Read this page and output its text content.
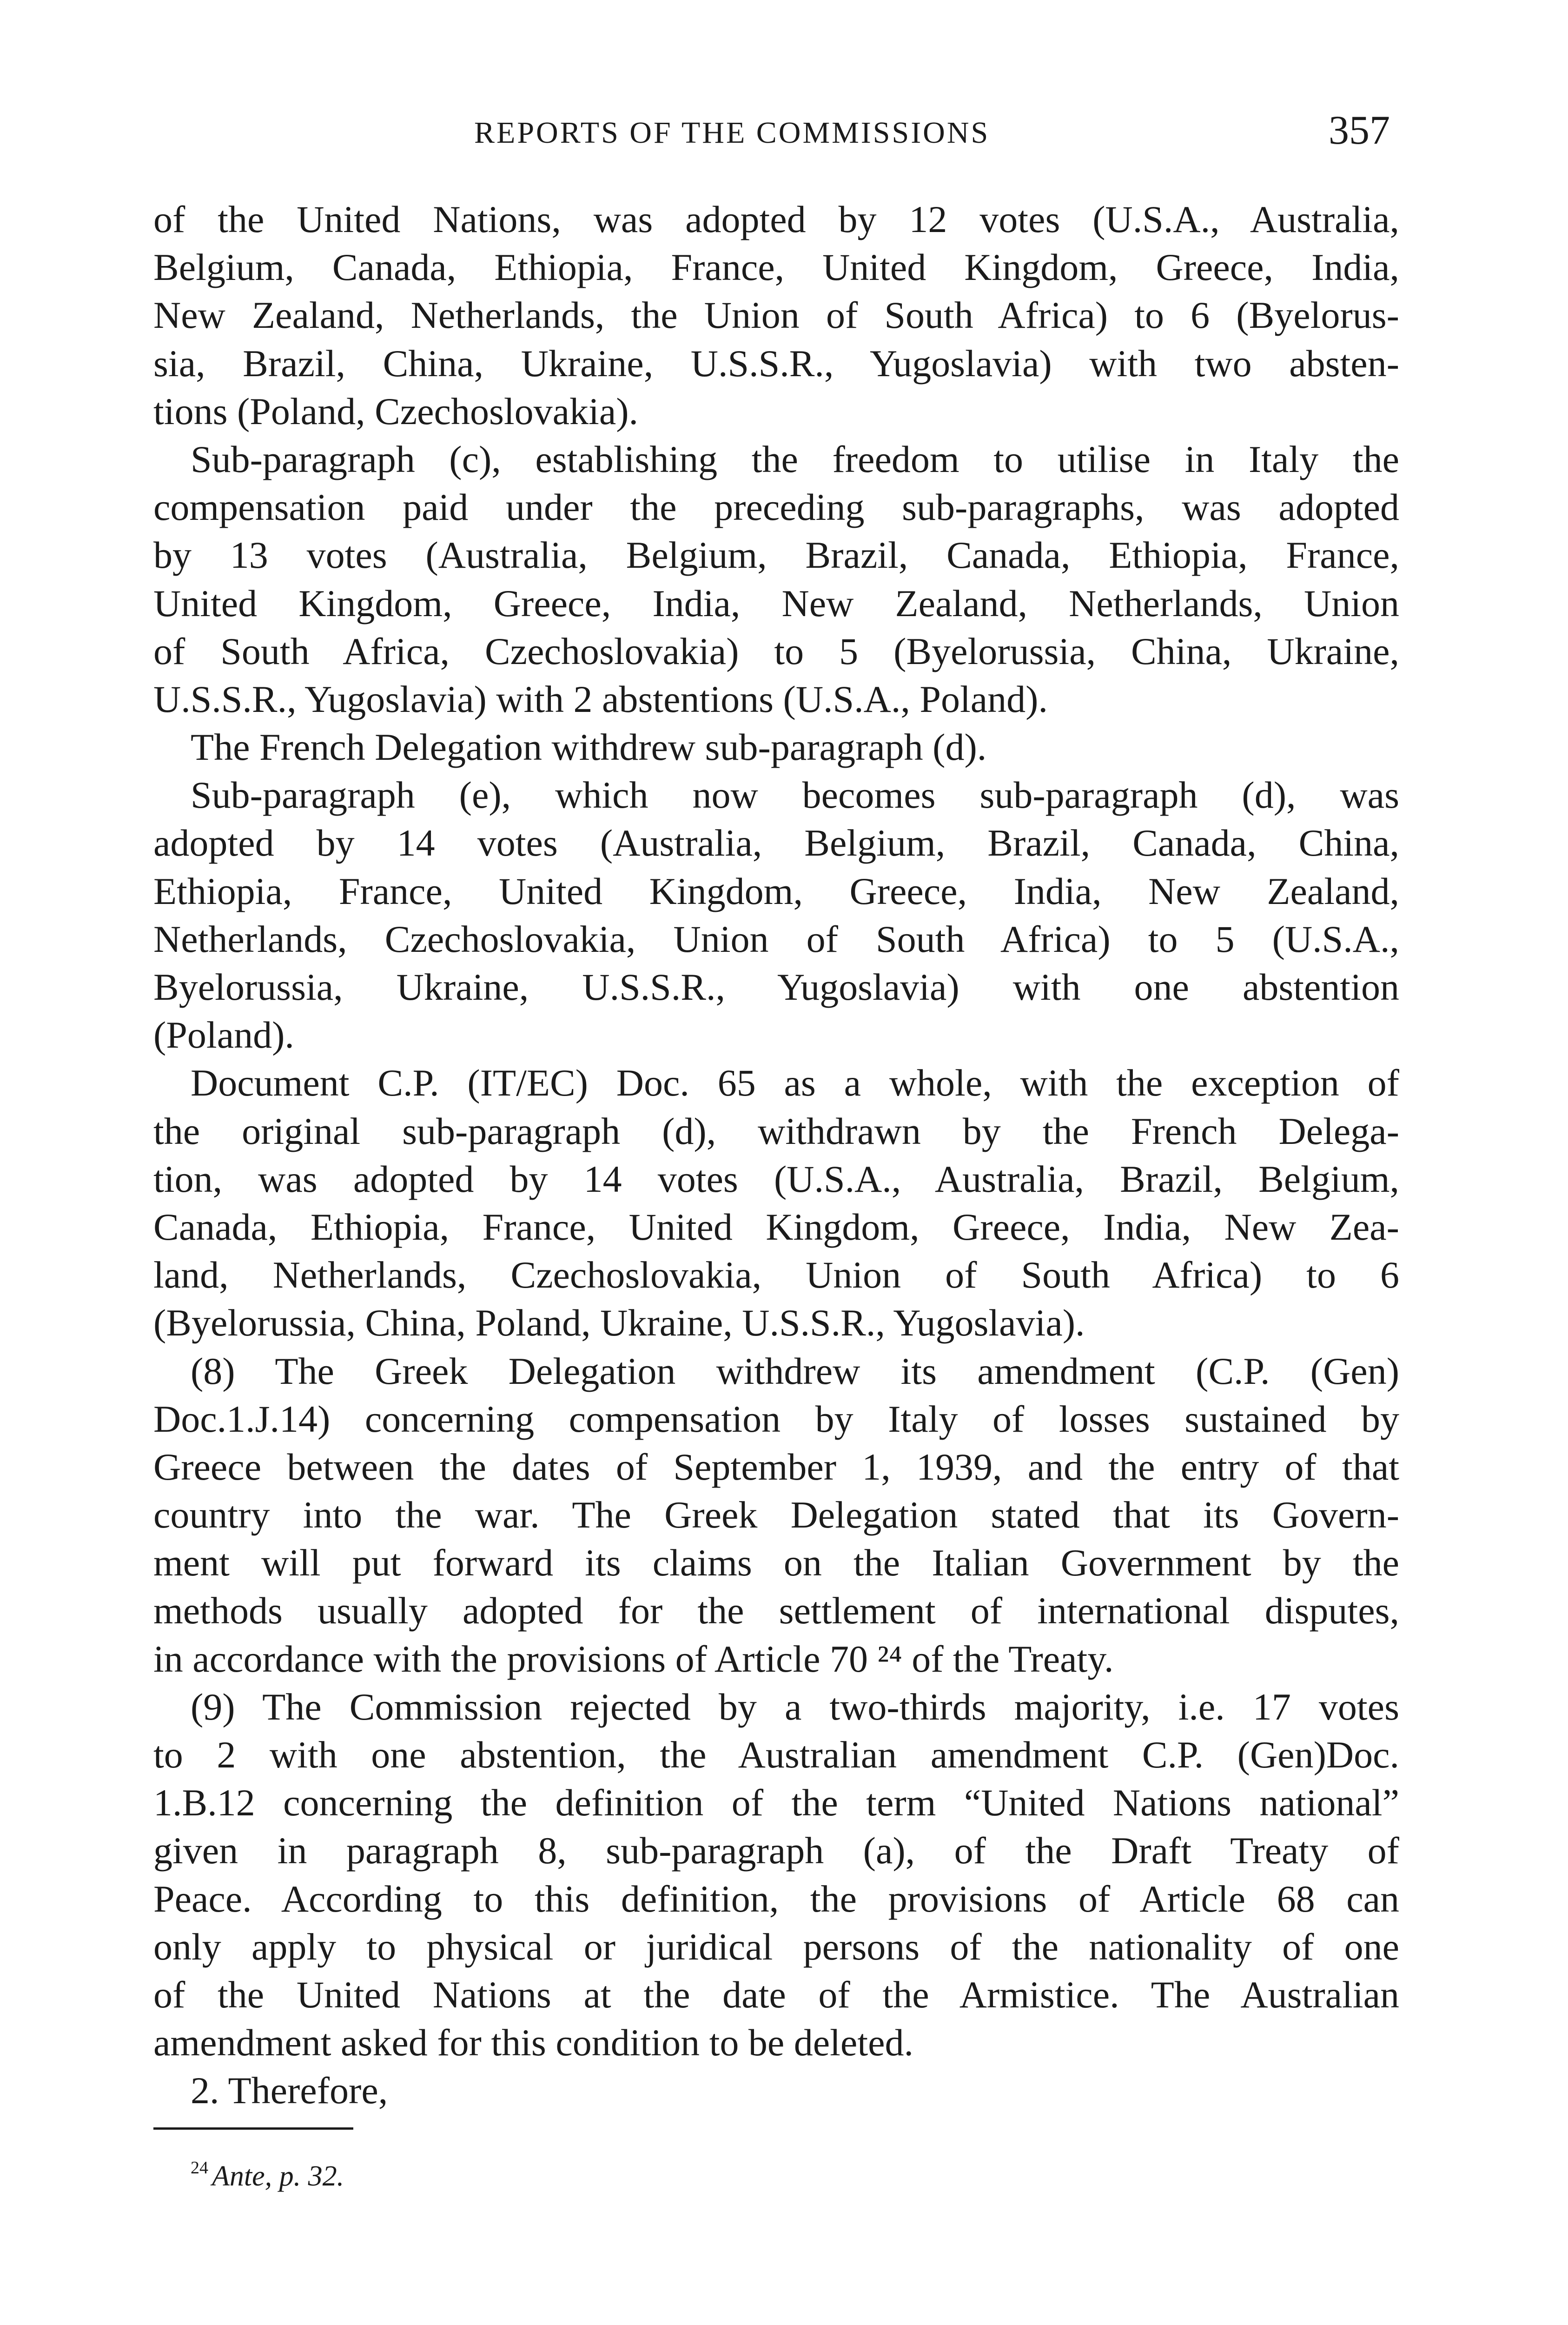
REPORTS OF THE COMMISSIONS	357
of the United Nations, was adopted by 12 votes (U.S.A., Australia,
Belgium, Canada, Ethiopia, France, United Kingdom, Greece, India,
New Zealand, Netherlands, the Union of South Africa) to 6 (Byelorus-
sia, Brazil, China, Ukraine, U.S.S.R., Yugoslavia) with two absten-
tions (Poland, Czechoslovakia).
Sub-paragraph (c), establishing the freedom to utilise in Italy the
compensation paid under the preceding sub-paragraphs, was adopted
by 13 votes (Australia, Belgium, Brazil, Canada, Ethiopia, France,
United Kingdom, Greece, India, New Zealand, Netherlands, Union
of South Africa, Czechoslovakia) to 5 (Byelorussia, China, Ukraine,
U.S.S.R., Yugoslavia) with 2 abstentions (U.S.A., Poland).
The French Delegation withdrew sub-paragraph (d).
Sub-paragraph (e), which now becomes sub-paragraph (d), was
adopted by 14 votes (Australia, Belgium, Brazil, Canada, China,
Ethiopia, France, United Kingdom, Greece, India, New Zealand,
Netherlands, Czechoslovakia, Union of South Africa) to 5 (U.S.A.,
Byelorussia, Ukraine, U.S.S.R., Yugoslavia) with one abstention
(Poland).
Document C.P. (IT/EC) Doc. 65 as a whole, with the exception of
the original sub-paragraph (d), withdrawn by the French Delega-
tion, was adopted by 14 votes (U.S.A., Australia, Brazil, Belgium,
Canada, Ethiopia, France, United Kingdom, Greece, India, New Zea-
land, Netherlands, Czechoslovakia, Union of South Africa) to 6
(Byelorussia, China, Poland, Ukraine, U.S.S.R., Yugoslavia).
(8) The Greek Delegation withdrew its amendment (C.P. (Gen)
Doc.1.J.14) concerning compensation by Italy of losses sustained by
Greece between the dates of September 1, 1939, and the entry of that
country into the war. The Greek Delegation stated that its Govern-
ment will put forward its claims on the Italian Government by the
methods usually adopted for the settlement of international disputes,
in accordance with the provisions of Article 70 ²⁴ of the Treaty.
(9) The Commission rejected by a two-thirds majority, i.e. 17 votes
to 2 with one abstention, the Australian amendment C.P. (Gen)Doc.
1.B.12 concerning the definition of the term “United Nations national”
given in paragraph 8, sub-paragraph (a), of the Draft Treaty of
Peace. According to this definition, the provisions of Article 68 can
only apply to physical or juridical persons of the nationality of one
of the United Nations at the date of the Armistice. The Australian
amendment asked for this condition to be deleted.
2. Therefore,
$^{24}$ Ante, p. 32.
